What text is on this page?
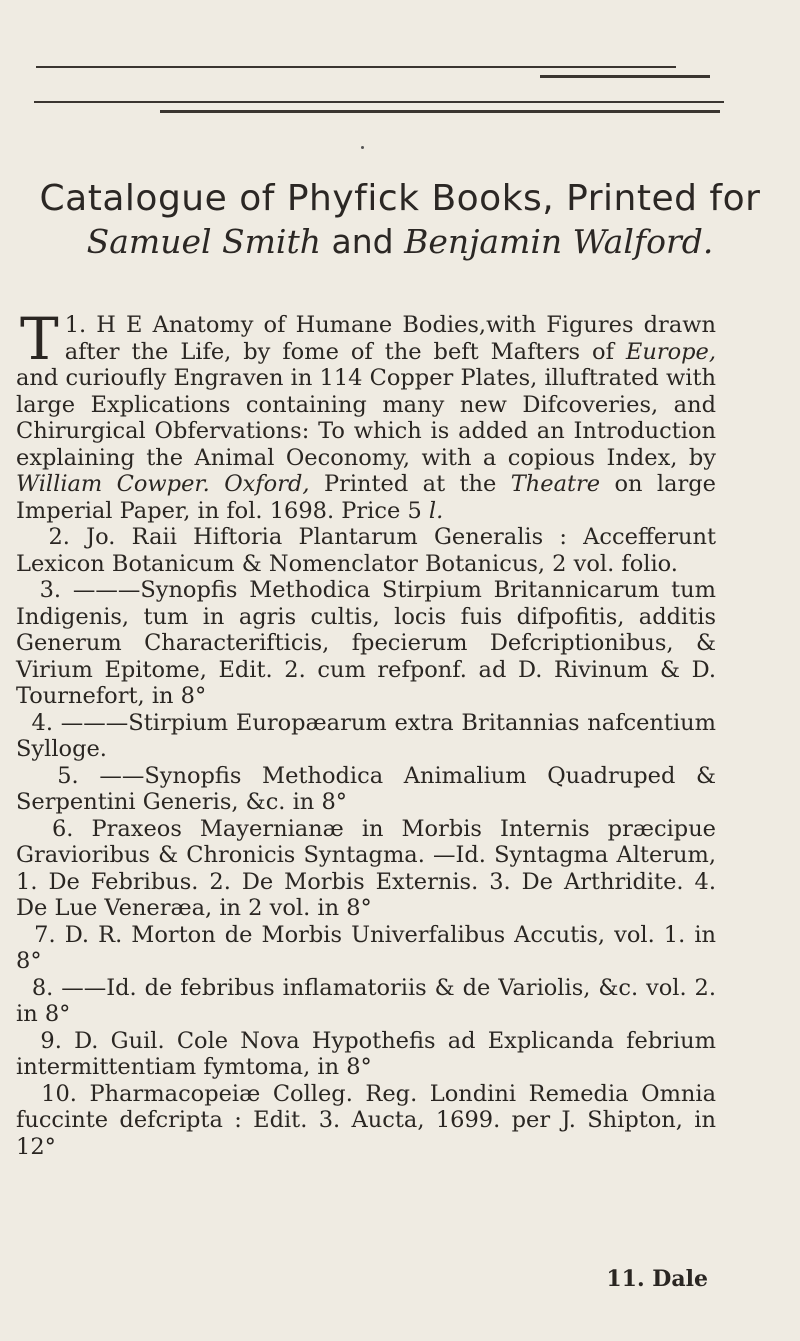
Catalogue of Phyfick Books, Printed for
Samuel Smith and Benjamin Walford.

T 1. H E Anatomy of Humane Bodies,with Figures drawn after the Life, by fome of the beft Mafters of Europe, and curioufly Engraven in 114 Copper Plates, illuftrated with large Explications containing many new Difcoveries, and Chirurgical Obfervations: To which is added an Introduction explaining the Animal Oeconomy, with a copious Index, by William Cowper. Oxford, Printed at the Theatre on large Imperial Paper, in fol. 1698. Price 5 l.

2. Jo. Raii Hiftoria Plantarum Generalis : Accefferunt Lexicon Botanicum & Nomenclator Botanicus, 2 vol. folio.

3. ———Synopfis Methodica Stirpium Britannicarum tum Indigenis, tum in agris cultis, locis fuis difpofitis, additis Generum Characterifticis, fpecierum Defcriptionibus, & Virium Epitome, Edit. 2. cum refponf. ad D. Rivinum & D. Tournefort, in 8°

4. ———Stirpium Europæarum extra Britannias nafcentium Sylloge.

5. ——Synopfis Methodica Animalium Quadruped & Serpentini Generis, &c. in 8°

6. Praxeos Mayernianæ in Morbis Internis præcipue Gravioribus & Chronicis Syntagma. —Id. Syntagma Alterum, 1. De Febribus. 2. De Morbis Externis. 3. De Arthridite. 4. De Lue Veneræa, in 2 vol. in 8°

7. D. R. Morton de Morbis Univerfalibus Accutis, vol. 1. in 8°

8. ——Id. de febribus inflamatoriis & de Variolis, &c. vol. 2. in 8°

9. D. Guil. Cole Nova Hypothefis ad Explicanda febrium intermittentiam fymtoma, in 8°

10. Pharmacopeiæ Colleg. Reg. Londini Remedia Omnia fuccinte defcripta : Edit. 3. Aucta, 1699. per J. Shipton, in 12°

11. Dale
